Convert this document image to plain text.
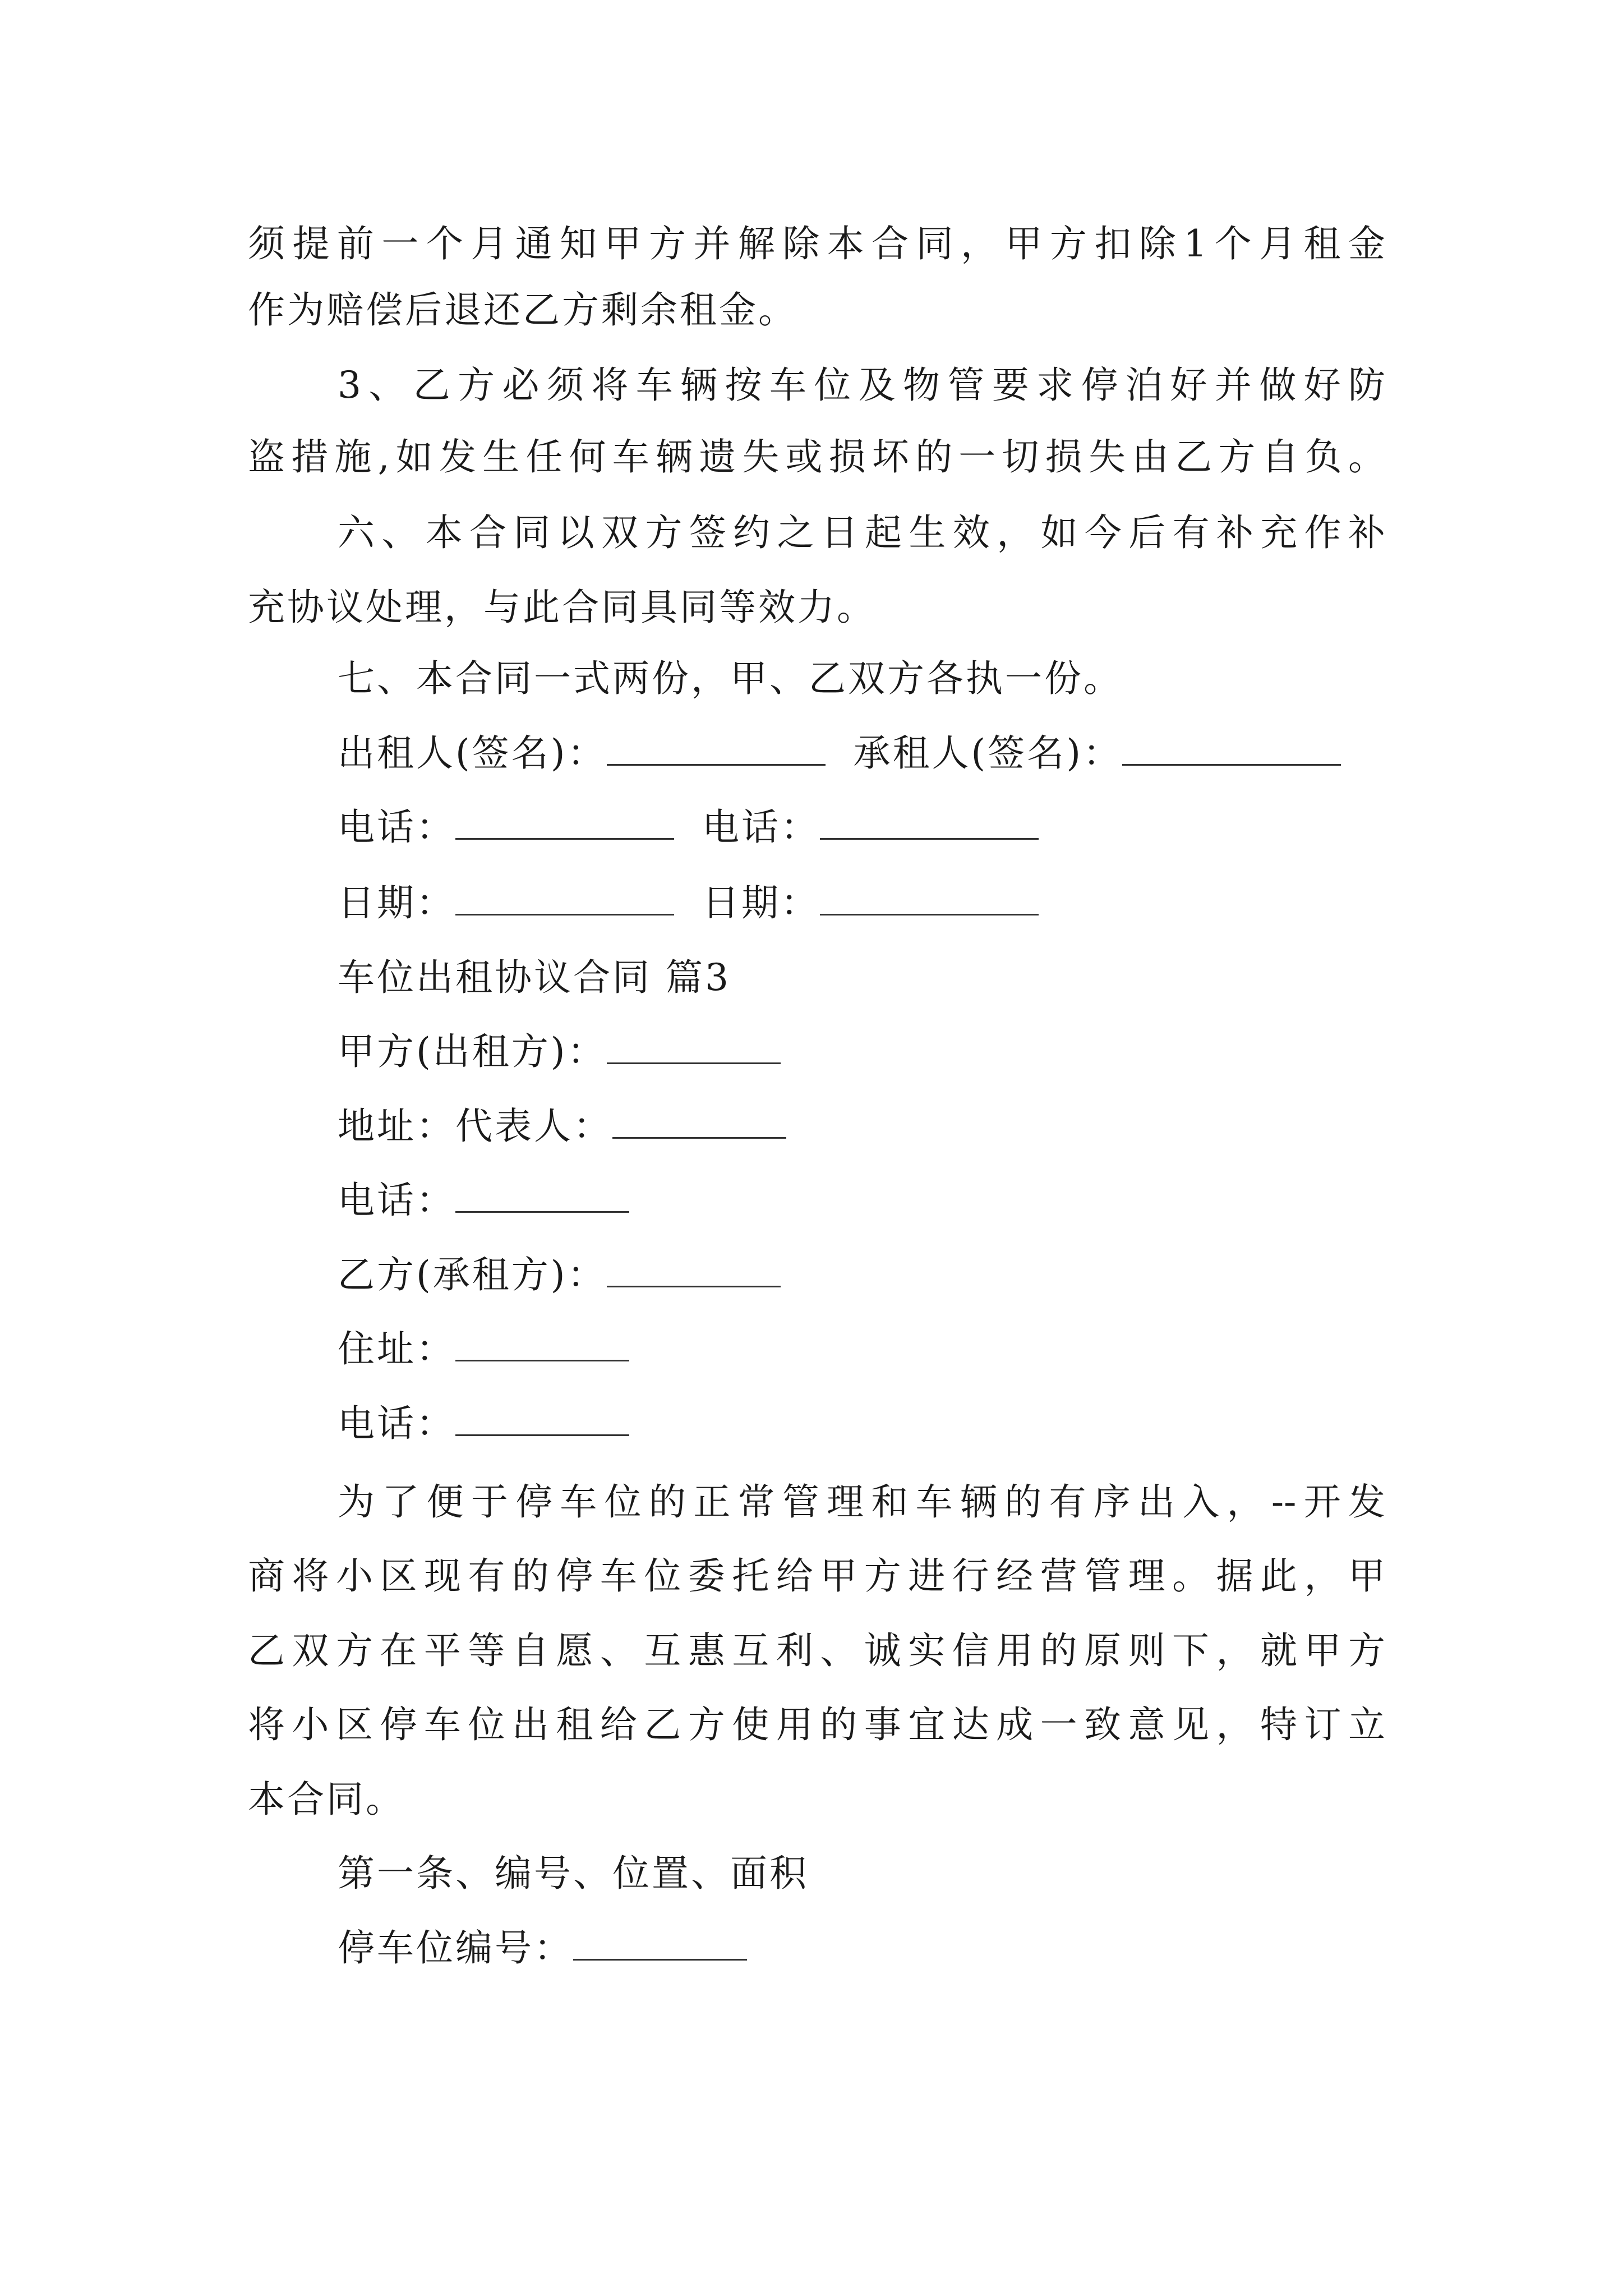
须提前一个月通知甲方并解除本合同，甲方扣除1个月租金
作为赔偿后退还乙方剩余租金。
3、乙方必须将车辆按车位及物管要求停泊好并做好防
盗措施,如发生任何车辆遗失或损坏的一切损失由乙方自负。
六、本合同以双方签约之日起生效，如今后有补充作补
充协议处理，与此合同具同等效力。
七、本合同一式两份，甲、乙双方各执一份。
出租人(签名)：	承租人(签名)：
电话：	电话：
日期：	日期：
车位出租协议合同 篇3
甲方(出租方)：
地址：代表人：
电话：
乙方(承租方)：
住址：
电话：
为了便于停车位的正常管理和车辆的有序出入，--开发
商将小区现有的停车位委托给甲方进行经营管理。据此，甲
乙双方在平等自愿、互惠互利、诚实信用的原则下，就甲方
将小区停车位出租给乙方使用的事宜达成一致意见，特订立
本合同。
第一条、编号、位置、面积
停车位编号：
